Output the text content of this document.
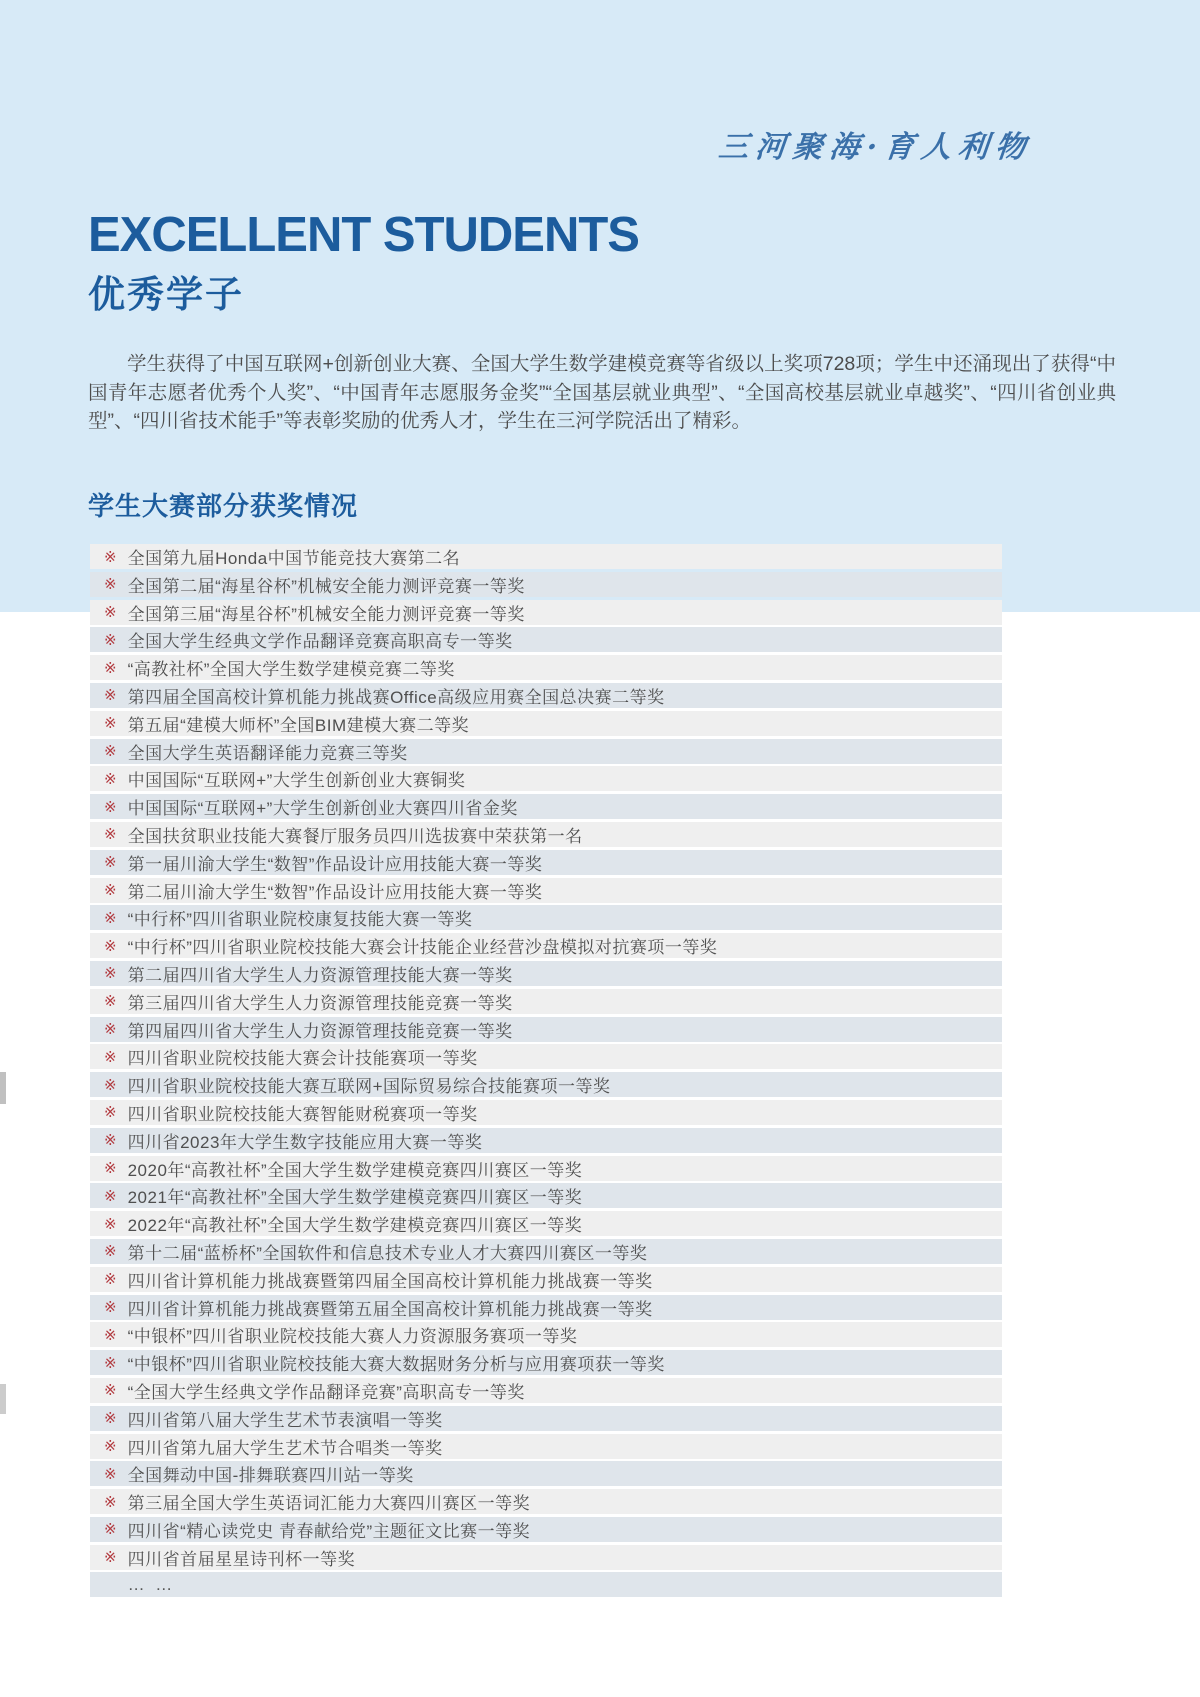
三河聚海·育人利物
EXCELLENT STUDENTS
优秀学子

学生获得了中国互联网+创新创业大赛、全国大学生数学建模竞赛等省级以上奖项728项；学生中还涌现出了获得“中国青年志愿者优秀个人奖”、“中国青年志愿服务金奖”“全国基层就业典型”、“全国高校基层就业卓越奖”、“四川省创业典型”、“四川省技术能手”等表彰奖励的优秀人才，学生在三河学院活出了精彩。

学生大赛部分获奖情况
※ 全国第九届Honda中国节能竞技大赛第二名
※ 全国第二届“海星谷杯”机械安全能力测评竞赛一等奖
※ 全国第三届“海星谷杯”机械安全能力测评竞赛一等奖
※ 全国大学生经典文学作品翻译竞赛高职高专一等奖
※ “高教社杯”全国大学生数学建模竞赛二等奖
※ 第四届全国高校计算机能力挑战赛Office高级应用赛全国总决赛二等奖
※ 第五届“建模大师杯”全国BIM建模大赛二等奖
※ 全国大学生英语翻译能力竞赛三等奖
※ 中国国际“互联网+”大学生创新创业大赛铜奖
※ 中国国际“互联网+”大学生创新创业大赛四川省金奖
※ 全国扶贫职业技能大赛餐厅服务员四川选拔赛中荣获第一名
※ 第一届川渝大学生“数智”作品设计应用技能大赛一等奖
※ 第二届川渝大学生“数智”作品设计应用技能大赛一等奖
※ “中行杯”四川省职业院校康复技能大赛一等奖
※ “中行杯”四川省职业院校技能大赛会计技能企业经营沙盘模拟对抗赛项一等奖
※ 第二届四川省大学生人力资源管理技能大赛一等奖
※ 第三届四川省大学生人力资源管理技能竞赛一等奖
※ 第四届四川省大学生人力资源管理技能竞赛一等奖
※ 四川省职业院校技能大赛会计技能赛项一等奖
※ 四川省职业院校技能大赛互联网+国际贸易综合技能赛项一等奖
※ 四川省职业院校技能大赛智能财税赛项一等奖
※ 四川省2023年大学生数字技能应用大赛一等奖
※ 2020年“高教社杯”全国大学生数学建模竞赛四川赛区一等奖
※ 2021年“高教社杯”全国大学生数学建模竞赛四川赛区一等奖
※ 2022年“高教社杯”全国大学生数学建模竞赛四川赛区一等奖
※ 第十二届“蓝桥杯”全国软件和信息技术专业人才大赛四川赛区一等奖
※ 四川省计算机能力挑战赛暨第四届全国高校计算机能力挑战赛一等奖
※ 四川省计算机能力挑战赛暨第五届全国高校计算机能力挑战赛一等奖
※ “中银杯”四川省职业院校技能大赛人力资源服务赛项一等奖
※ “中银杯”四川省职业院校技能大赛大数据财务分析与应用赛项获一等奖
※ “全国大学生经典文学作品翻译竞赛”高职高专一等奖
※ 四川省第八届大学生艺术节表演唱一等奖
※ 四川省第九届大学生艺术节合唱类一等奖
※ 全国舞动中国-排舞联赛四川站一等奖
※ 第三届全国大学生英语词汇能力大赛四川赛区一等奖
※ 四川省“精心读党史 青春献给党”主题征文比赛一等奖
※ 四川省首届星星诗刊杯一等奖
… …
